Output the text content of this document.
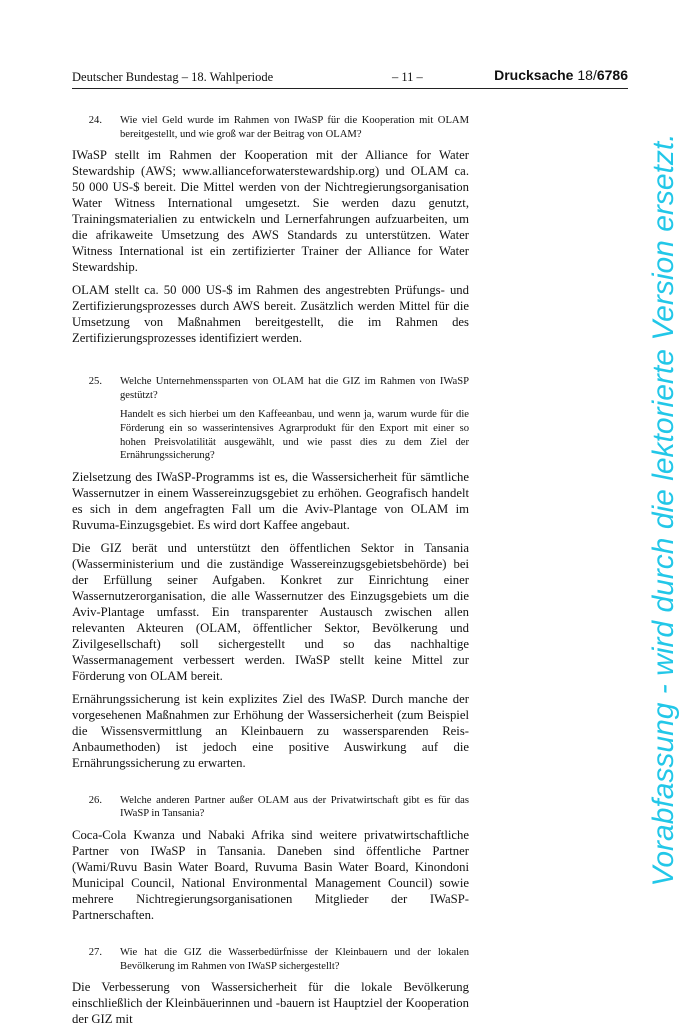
Deutscher Bundestag – 18. Wahlperiode	– 11 –	Drucksache 18/6786
24.	Wie viel Geld wurde im Rahmen von IWaSP für die Kooperation mit OLAM bereitgestellt, und wie groß war der Beitrag von OLAM?

IWaSP stellt im Rahmen der Kooperation mit der Alliance for Water Stewardship (AWS; www.allianceforwaterstewardship.org) und OLAM ca. 50 000 US-$ bereit. Die Mittel werden von der Nichtregierungsorganisation Water Witness International umgesetzt. Sie werden dazu genutzt, Trainingsmaterialien zu entwickeln und Lernerfahrungen aufzuarbeiten, um die afrikaweite Umsetzung des AWS Standards zu unterstützen. Water Witness International ist ein zertifizierter Trainer der Alliance for Water Stewardship.

OLAM stellt ca. 50 000 US-$ im Rahmen des angestrebten Prüfungs- und Zertifizierungsprozesses durch AWS bereit. Zusätzlich werden Mittel für die Umsetzung von Maßnahmen bereitgestellt, die im Rahmen des Zertifizierungsprozesses identifiziert werden.

25.	Welche Unternehmenssparten von OLAM hat die GIZ im Rahmen von IWaSP gestützt?
Handelt es sich hierbei um den Kaffeeanbau, und wenn ja, warum wurde für die Förderung ein so wasserintensives Agrarprodukt für den Export mit einer so hohen Preisvolatilität ausgewählt, und wie passt dies zu dem Ziel der Ernährungssicherung?

Zielsetzung des IWaSP-Programms ist es, die Wassersicherheit für sämtliche Wassernutzer in einem Wassereinzugsgebiet zu erhöhen. Geografisch handelt es sich in dem angefragten Fall um die Aviv-Plantage von OLAM im Ruvuma-Einzugsgebiet. Es wird dort Kaffee angebaut.

Die GIZ berät und unterstützt den öffentlichen Sektor in Tansania (Wasserministerium und die zuständige Wassereinzugsgebietsbehörde) bei der Erfüllung seiner Aufgaben. Konkret zur Einrichtung einer Wassernutzerorganisation, die alle Wassernutzer des Einzugsgebiets um die Aviv-Plantage umfasst. Ein transparenter Austausch zwischen allen relevanten Akteuren (OLAM, öffentlicher Sektor, Bevölkerung und Zivilgesellschaft) soll sichergestellt und so das nachhaltige Wassermanagement verbessert werden. IWaSP stellt keine Mittel zur Förderung von OLAM bereit.

Ernährungssicherung ist kein explizites Ziel des IWaSP. Durch manche der vorgesehenen Maßnahmen zur Erhöhung der Wassersicherheit (zum Beispiel die Wissensvermittlung an Kleinbauern zu wassersparenden Reis-Anbaumethoden) ist jedoch eine positive Auswirkung auf die Ernährungssicherung zu erwarten.

26.	Welche anderen Partner außer OLAM aus der Privatwirtschaft gibt es für das IWaSP in Tansania?

Coca-Cola Kwanza und Nabaki Afrika sind weitere privatwirtschaftliche Partner von IWaSP in Tansania. Daneben sind öffentliche Partner (Wami/Ruvu Basin Water Board, Ruvuma Basin Water Board, Kinondoni Municipal Council, National Environmental Management Council) sowie mehrere Nichtregierungsorganisationen Mitglieder der IWaSP-Partnerschaften.

27.	Wie hat die GIZ die Wasserbedürfnisse der Kleinbauern und der lokalen Bevölkerung im Rahmen von IWaSP sichergestellt?

Die Verbesserung von Wassersicherheit für die lokale Bevölkerung einschließlich der Kleinbäuerinnen und -bauern ist Hauptziel der Kooperation der GIZ mit

Vorabfassung - wird durch die lektorierte Version ersetzt.
